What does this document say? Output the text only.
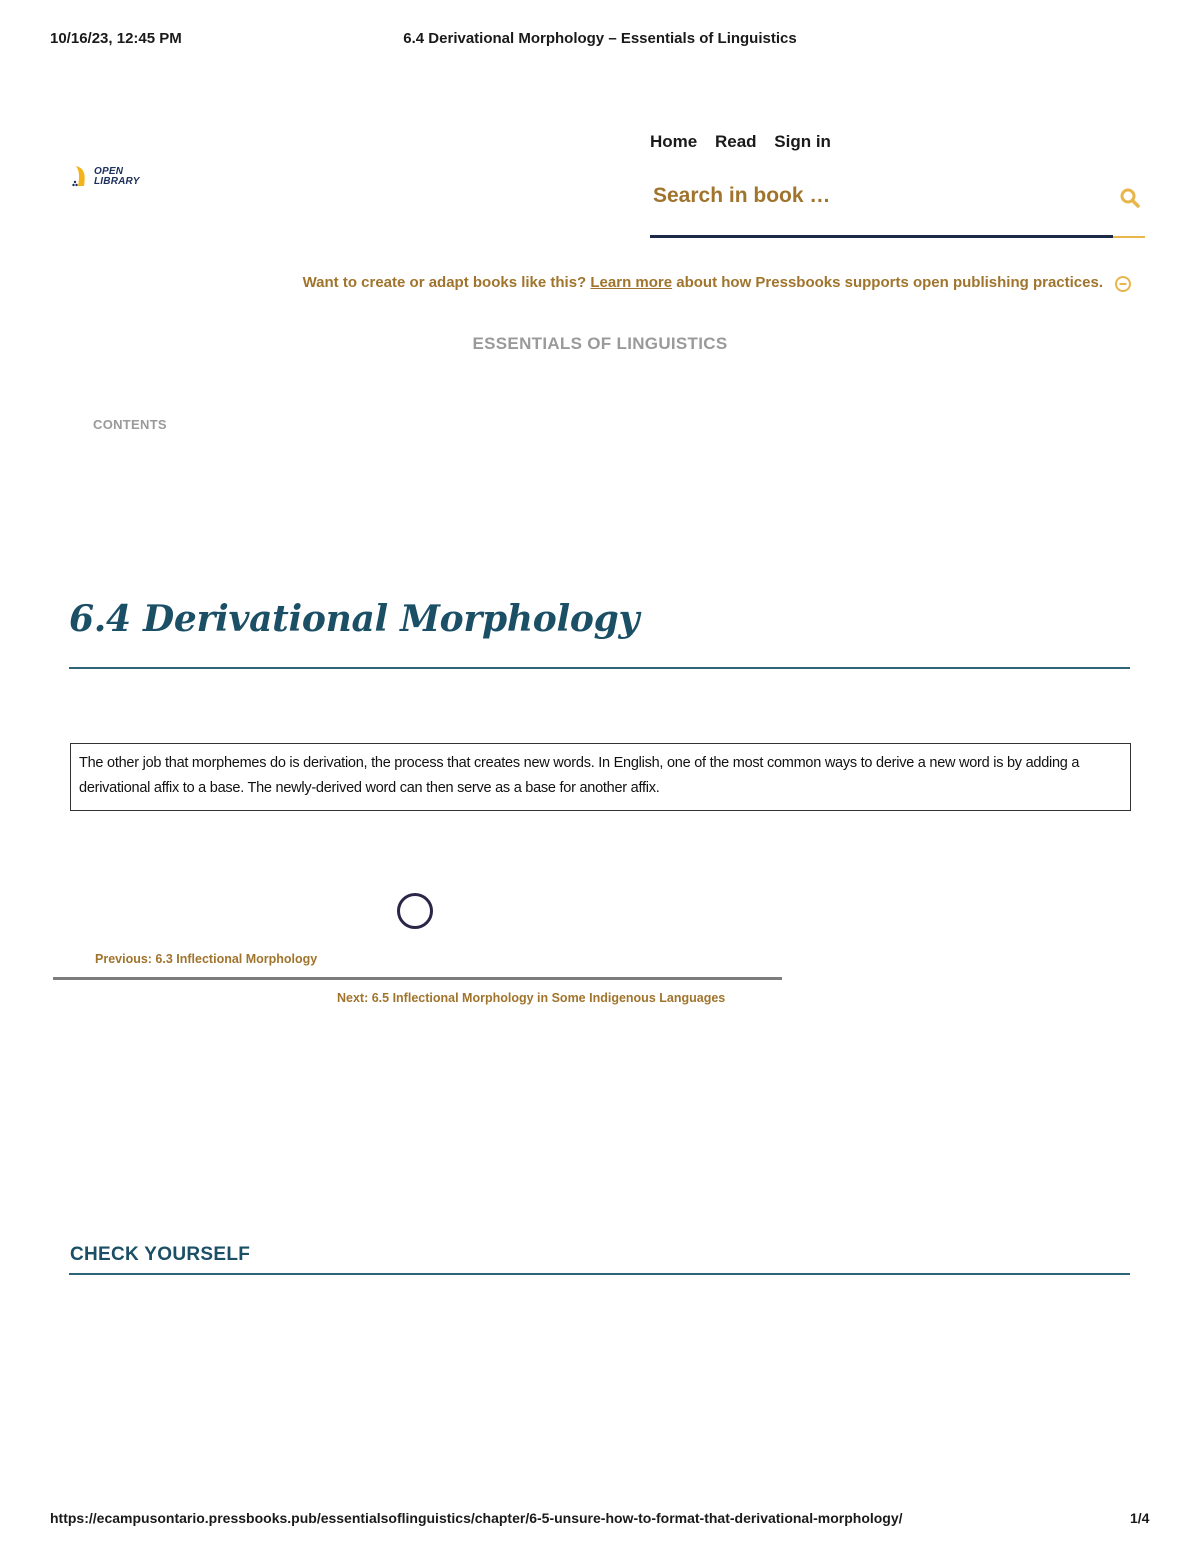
10/16/23, 12:45 PM	6.4 Derivational Morphology – Essentials of Linguistics
OPEN
LIBRARY
Home Read Sign in
Search in book …
Want to create or adapt books like this? Learn more about how Pressbooks supports open publishing practices.
ESSENTIALS OF LINGUISTICS
CONTENTS
6.4 Derivational Morphology

The other job that morphemes do is derivation, the process that creates new words. In English, one of the most common ways to derive a new word is by adding a derivational affix to a base. The newly-derived word can then serve as a base for another affix.

Previous: 6.3 Inflectional Morphology
Next: 6.5 Inflectional Morphology in Some Indigenous Languages
CHECK YOURSELF
https://ecampusontario.pressbooks.pub/essentialsoflinguistics/chapter/6-5-unsure-how-to-format-that-derivational-morphology/	1/4
